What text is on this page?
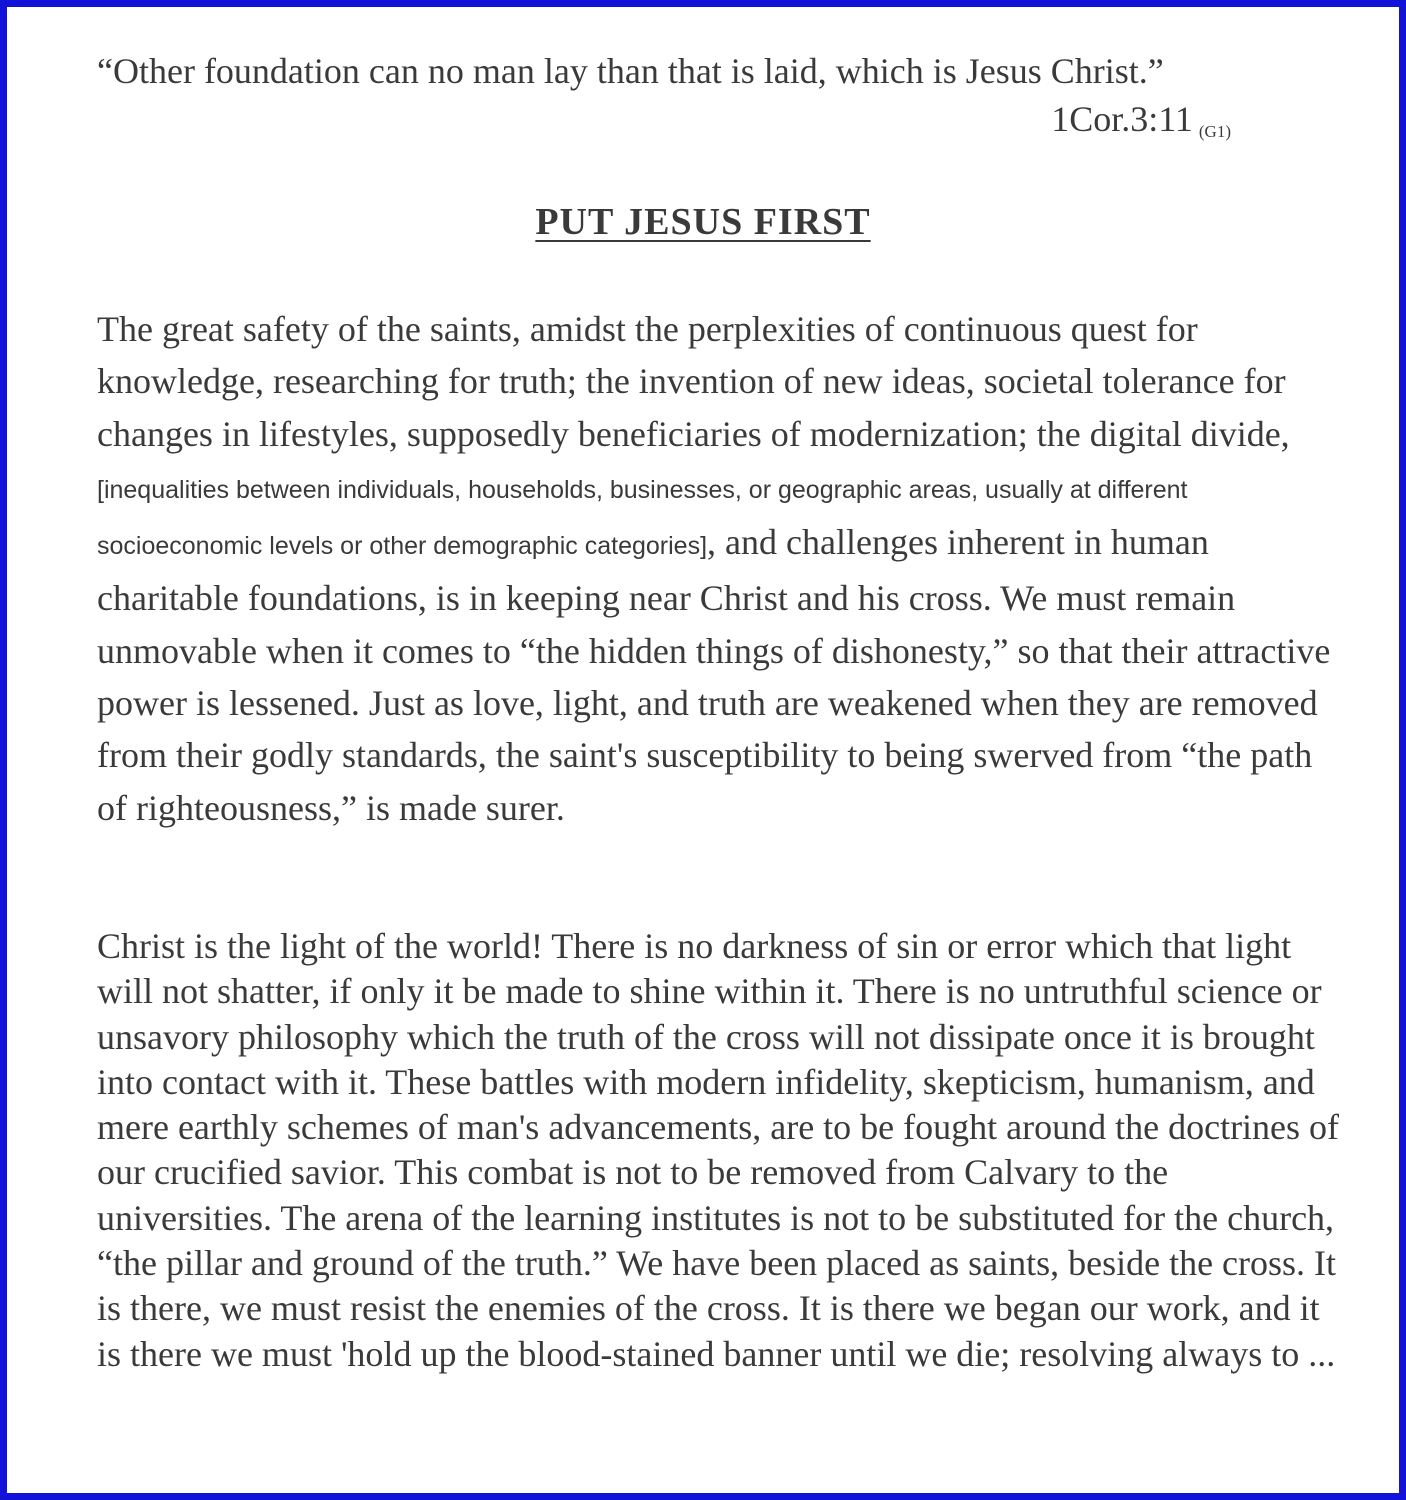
“Other foundation can no man lay than that is laid, which is Jesus Christ.”
1Cor.3:11 (G1)
PUT JESUS FIRST

The great safety of the saints, amidst the perplexities of continuous quest for knowledge, researching for truth; the invention of new ideas, societal tolerance for changes in lifestyles, supposedly beneficiaries of modernization; the digital divide, [inequalities between individuals, households, businesses, or geographic areas, usually at different socioeconomic levels or other demographic categories], and challenges inherent in human charitable foundations, is in keeping near Christ and his cross. We must remain unmovable when it comes to “the hidden things of dishonesty,” so that their attractive power is lessened. Just as love, light, and truth are weakened when they are removed from their godly standards, the saint's susceptibility to being swerved from “the path of righteousness,” is made surer.

Christ is the light of the world! There is no darkness of sin or error which that light will not shatter, if only it be made to shine within it. There is no untruthful science or unsavory philosophy which the truth of the cross will not dissipate once it is brought into contact with it. These battles with modern infidelity, skepticism, humanism, and mere earthly schemes of man's advancements, are to be fought around the doctrines of our crucified savior. This combat is not to be removed from Calvary to the universities. The arena of the learning institutes is not to be substituted for the church, “the pillar and ground of the truth.” We have been placed as saints, beside the cross. It is there, we must resist the enemies of the cross. It is there we began our work, and it is there we must 'hold up the blood-stained banner until we die; resolving always to ...
